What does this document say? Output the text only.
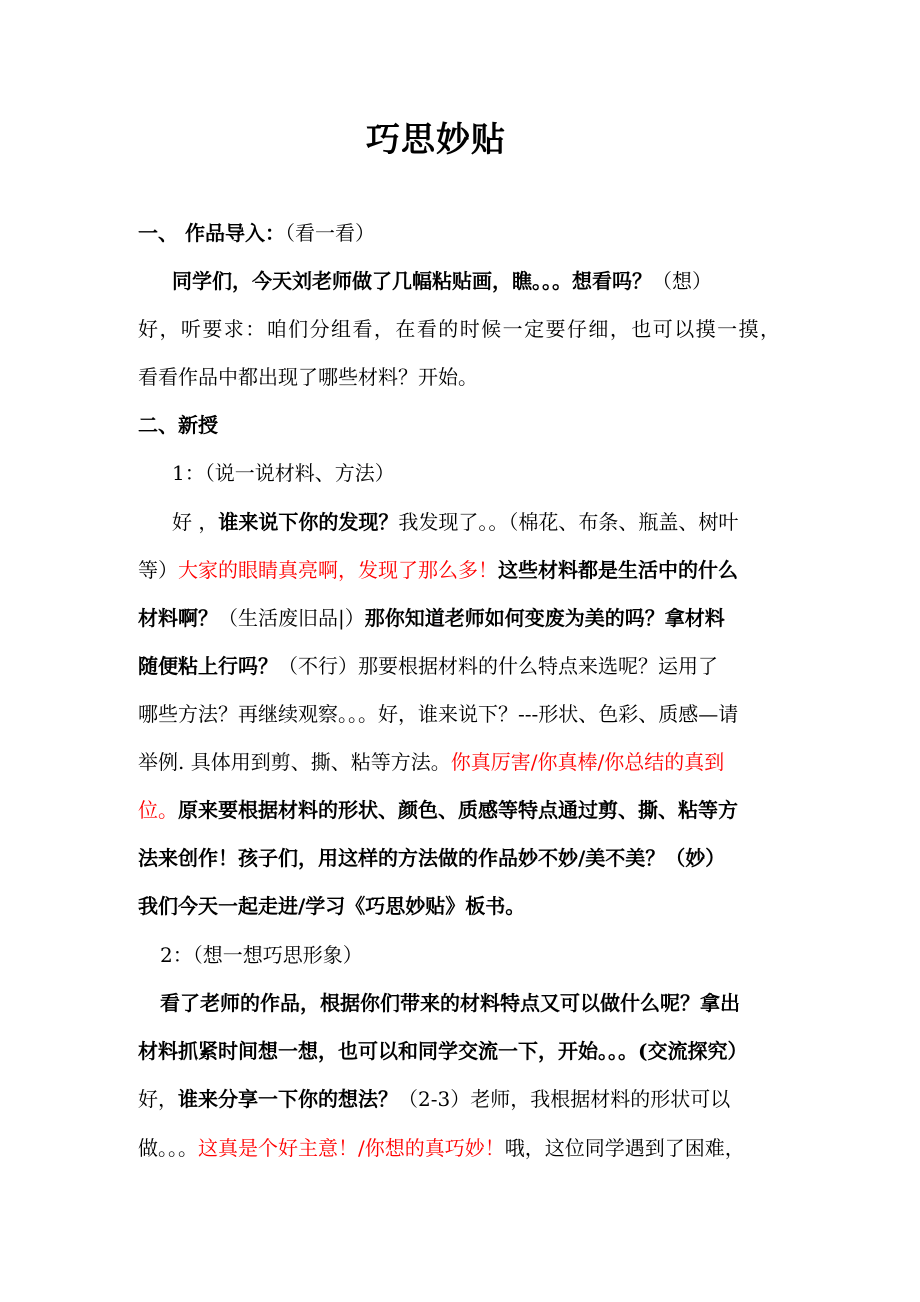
巧思妙贴
一、 作品导入：（看一看）
同学们，今天刘老师做了几幅粘贴画，瞧。。。想看吗？（想）
好，听要求：咱们分组看，在看的时候一定要仔细，也可以摸一摸，
看看作品中都出现了哪些材料？开始。
二、新授
1：（说一说材料、方法）
好 ，谁来说下你的发现？我发现了。。（棉花、布条、瓶盖、树叶
等）大家的眼睛真亮啊，发现了那么多！这些材料都是生活中的什么
材料啊？（生活废旧品|）那你知道老师如何变废为美的吗？拿材料
随便粘上行吗？（不行）那要根据材料的什么特点来选呢？运用了
哪些方法？再继续观察。。。好，谁来说下？---形状、色彩、质感—请
举例. 具体用到剪、撕、粘等方法。你真厉害/你真棒/你总结的真到
位。原来要根据材料的形状、颜色、质感等特点通过剪、撕、粘等方
法来创作！孩子们，用这样的方法做的作品妙不妙/美不美？（妙）
我们今天一起走进/学习《巧思妙贴》板书。
2：（想一想巧思形象）
看了老师的作品，根据你们带来的材料特点又可以做什么呢？拿出
材料抓紧时间想一想，也可以和同学交流一下，开始。。。(交流探究）
好，谁来分享一下你的想法？（2-3）老师，我根据材料的形状可以
做。。。这真是个好主意！/你想的真巧妙！哦，这位同学遇到了困难，
